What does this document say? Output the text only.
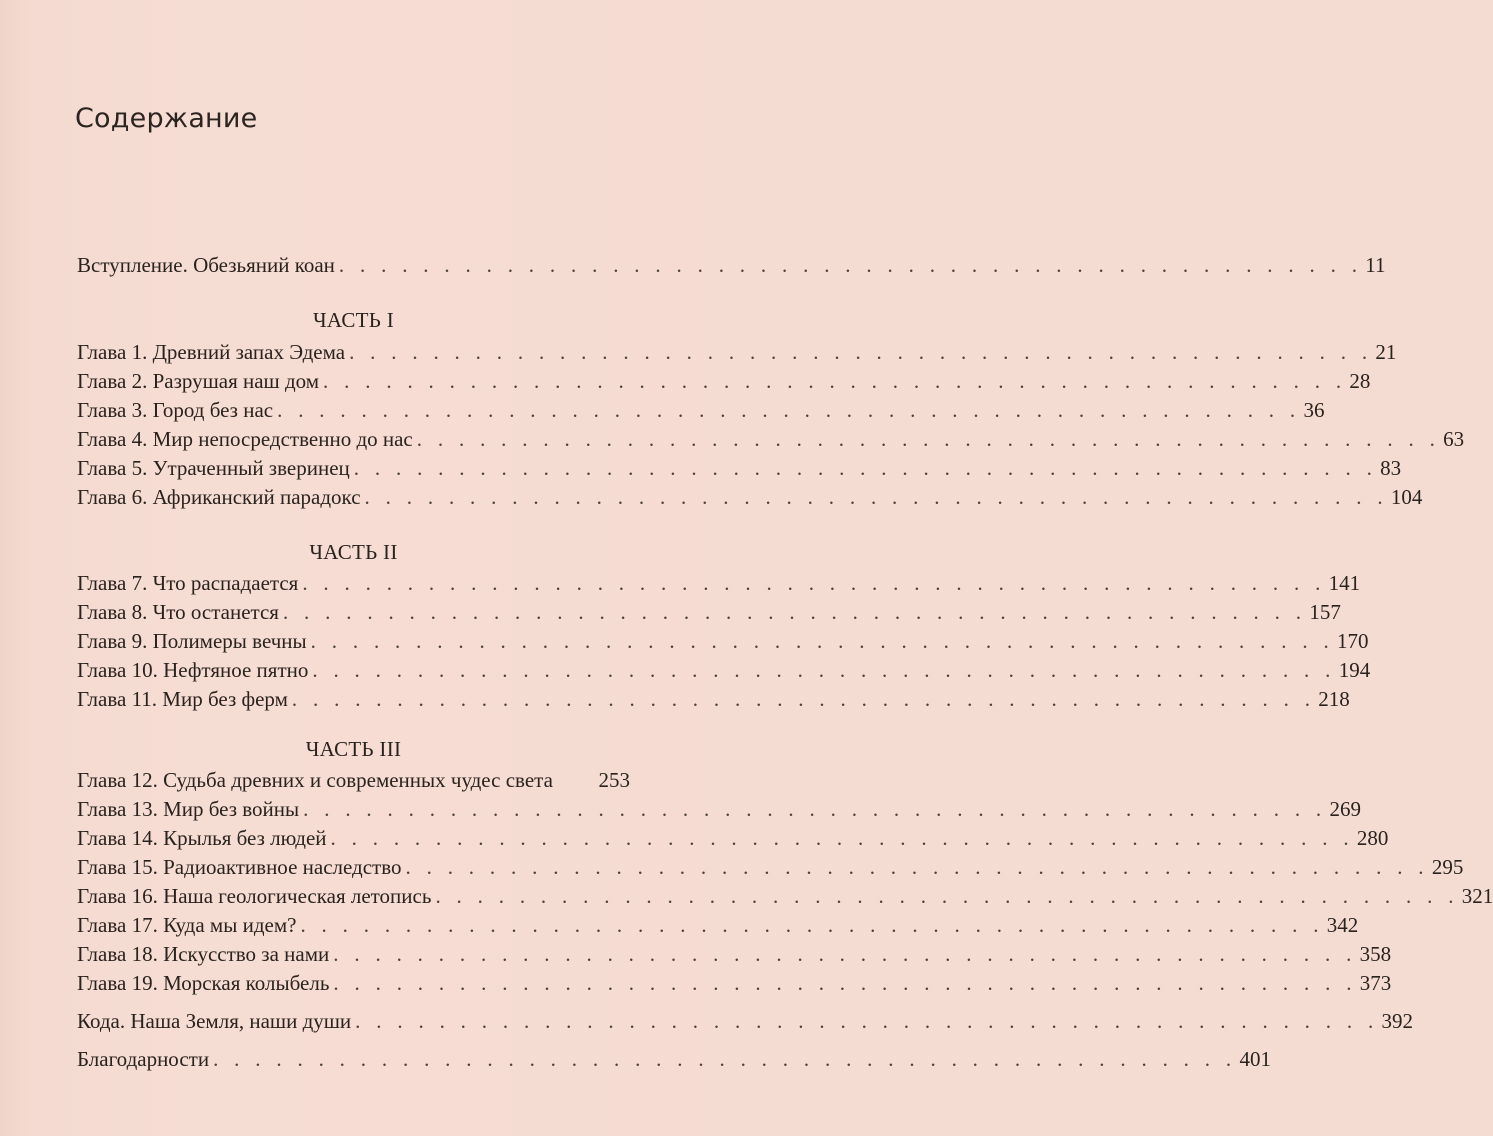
Содержание
Вступление. Обезьяний коан . . . . . . . . . . . . . . . . . . . . . . . . . . . . . . . . . . . . . . . . . . . . . . . . . 11
ЧАСТЬ I
Глава 1. Древний запах Эдема . . . . . . . . . . . . . . . . . . . . . . . . . . . . . . . . . . . . . . . . . . . . . . . . . 21
Глава 2. Разрушая наш дом . . . . . . . . . . . . . . . . . . . . . . . . . . . . . . . . . . . . . . . . . . . . . . . . . 28
Глава 3. Город без нас . . . . . . . . . . . . . . . . . . . . . . . . . . . . . . . . . . . . . . . . . . . . . . . . . 36
Глава 4. Мир непосредственно до нас . . . . . . . . . . . . . . . . . . . . . . . . . . . . . . . . . . . . . . . . . . . . . . . . . 63
Глава 5. Утраченный зверинец . . . . . . . . . . . . . . . . . . . . . . . . . . . . . . . . . . . . . . . . . . . . . . . . . 83
Глава 6. Африканский парадокс . . . . . . . . . . . . . . . . . . . . . . . . . . . . . . . . . . . . . . . . . . . . . . . . . 104
ЧАСТЬ II
Глава 7. Что распадается . . . . . . . . . . . . . . . . . . . . . . . . . . . . . . . . . . . . . . . . . . . . . . . . . 141
Глава 8. Что останется . . . . . . . . . . . . . . . . . . . . . . . . . . . . . . . . . . . . . . . . . . . . . . . . . 157
Глава 9. Полимеры вечны . . . . . . . . . . . . . . . . . . . . . . . . . . . . . . . . . . . . . . . . . . . . . . . . . 170
Глава 10. Нефтяное пятно . . . . . . . . . . . . . . . . . . . . . . . . . . . . . . . . . . . . . . . . . . . . . . . . . 194
Глава 11. Мир без ферм . . . . . . . . . . . . . . . . . . . . . . . . . . . . . . . . . . . . . . . . . . . . . . . . . 218
ЧАСТЬ III
Глава 12. Судьба древних и современных чудес света 253
Глава 13. Мир без войны . . . . . . . . . . . . . . . . . . . . . . . . . . . . . . . . . . . . . . . . . . . . . . . . . 269
Глава 14. Крылья без людей . . . . . . . . . . . . . . . . . . . . . . . . . . . . . . . . . . . . . . . . . . . . . . . . . 280
Глава 15. Радиоактивное наследство . . . . . . . . . . . . . . . . . . . . . . . . . . . . . . . . . . . . . . . . . . . . . . . . . 295
Глава 16. Наша геологическая летопись . . . . . . . . . . . . . . . . . . . . . . . . . . . . . . . . . . . . . . . . . . . . . . . . . 321
Глава 17. Куда мы идем? . . . . . . . . . . . . . . . . . . . . . . . . . . . . . . . . . . . . . . . . . . . . . . . . . 342
Глава 18. Искусство за нами . . . . . . . . . . . . . . . . . . . . . . . . . . . . . . . . . . . . . . . . . . . . . . . . . 358
Глава 19. Морская колыбель . . . . . . . . . . . . . . . . . . . . . . . . . . . . . . . . . . . . . . . . . . . . . . . . . 373
Кода. Наша Земля, наши души . . . . . . . . . . . . . . . . . . . . . . . . . . . . . . . . . . . . . . . . . . . . . . . . . 392
Благодарности . . . . . . . . . . . . . . . . . . . . . . . . . . . . . . . . . . . . . . . . . . . . . . . . . 401
